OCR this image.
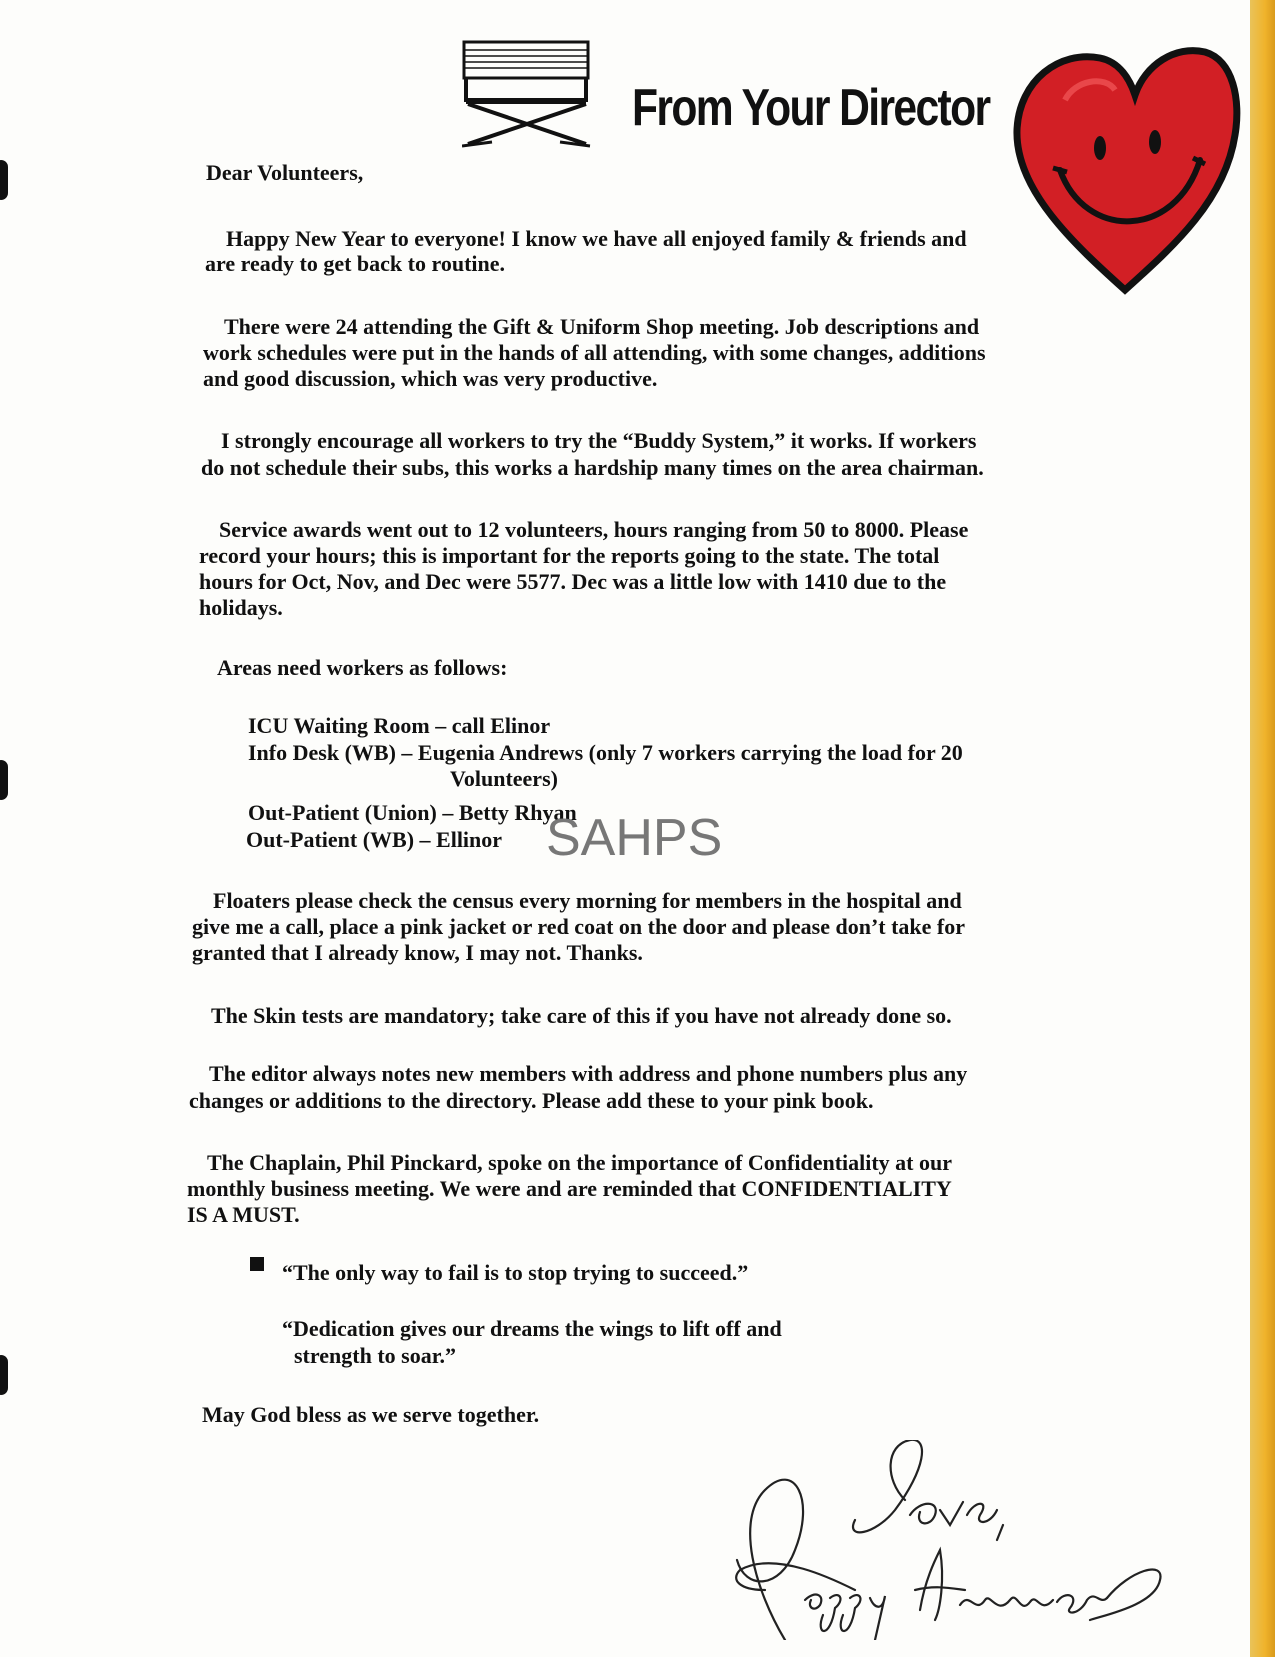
From Your Director
Dear Volunteers,
Happy New Year to everyone! I know we have all enjoyed family & friends and
are ready to get back to routine.
There were 24 attending the Gift & Uniform Shop meeting. Job descriptions and
work schedules were put in the hands of all attending, with some changes, additions
and good discussion, which was very productive.
I strongly encourage all workers to try the “Buddy System,” it works. If workers
do not schedule their subs, this works a hardship many times on the area chairman.
Service awards went out to 12 volunteers, hours ranging from 50 to 8000. Please
record your hours; this is important for the reports going to the state. The total
hours for Oct, Nov, and Dec were 5577. Dec was a little low with 1410 due to the
holidays.
Areas need workers as follows:
ICU Waiting Room – call Elinor
Info Desk (WB) – Eugenia Andrews (only 7 workers carrying the load for 20
Volunteers)
Out-Patient (Union) – Betty Rhyan
Out-Patient (WB) – Ellinor SAHPS
Floaters please check the census every morning for members in the hospital and
give me a call, place a pink jacket or red coat on the door and please don’t take for
granted that I already know, I may not. Thanks.
The Skin tests are mandatory; take care of this if you have not already done so.
The editor always notes new members with address and phone numbers plus any
changes or additions to the directory. Please add these to your pink book.
The Chaplain, Phil Pinckard, spoke on the importance of Confidentiality at our
monthly business meeting. We were and are reminded that CONFIDENTIALITY
IS A MUST.
“The only way to fail is to stop trying to succeed.”
“Dedication gives our dreams the wings to lift off and
strength to soar.”
May God bless as we serve together.
